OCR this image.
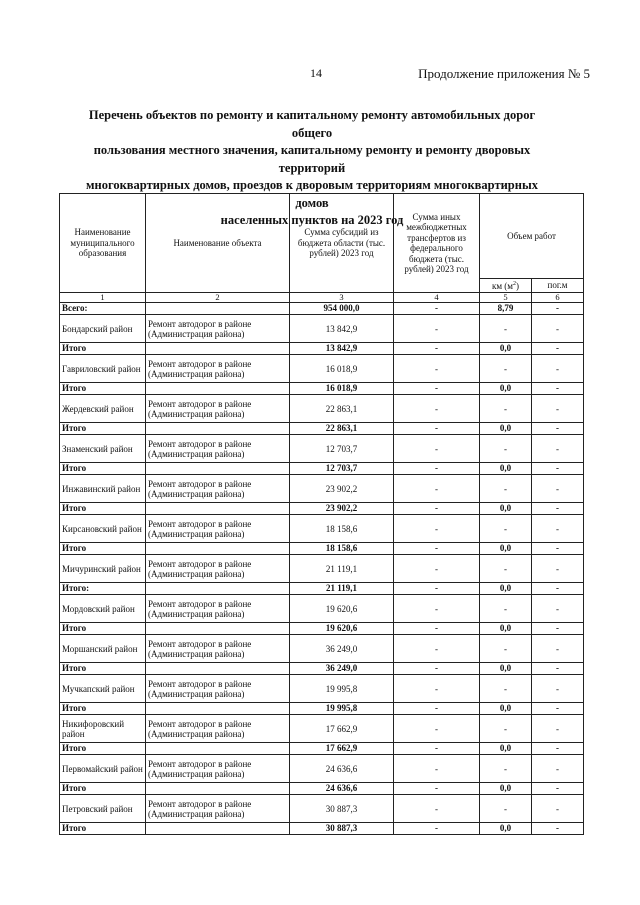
14	Продолжение приложения № 5
Перечень объектов по ремонту и капитальному ремонту автомобильных дорог общего
пользования местного значения, капитальному ремонту и ремонту дворовых территорий
многоквартирных домов, проездов к дворовым территориям многоквартирных домов
населенных пунктов на 2023 год
Наименование муниципального образования	Наименование объекта	Сумма субсидий из бюджета области (тыс. рублей) 2023 год	Сумма иных межбюджетных трансфертов из федерального бюджета (тыс. рублей) 2023 год	Объем работ	
				км $(м^2)$	пог.м
1	2	3	4	5	6
Всего:		954 000,0	-	8,79	-
Бондарский район	Ремонт автодорог в районе (Администрация района)	13 842,9	-	-	-
Итого		13 842,9	-	0,0	-
Гавриловский район	Ремонт автодорог в районе (Администрация района)	16 018,9	-	-	-
Итого		16 018,9	-	0,0	-
Жердевский район	Ремонт автодорог в районе (Администрация района)	22 863,1	-	-	-
Итого		22 863,1	-	0,0	-
Знаменский район	Ремонт автодорог в районе (Администрация района)	12 703,7	-	-	-
Итого		12 703,7	-	0,0	-
Инжавинский район	Ремонт автодорог в районе (Администрация района)	23 902,2	-	-	-
Итого		23 902,2	-	0,0	-
Кирсановский район	Ремонт автодорог в районе (Администрация района)	18 158,6	-	-	-
Итого		18 158,6	-	0,0	-
Мичуринский район	Ремонт автодорог в районе (Администрация района)	21 119,1	-	-	-
Итого:		21 119,1	-	0,0	-
Мордовский район	Ремонт автодорог в районе (Администрация района)	19 620,6	-	-	-
Итого		19 620,6	-	0,0	-
Моршанский район	Ремонт автодорог в районе (Администрация района)	36 249,0	-	-	-
Итого		36 249,0	-	0,0	-
Мучкапский район	Ремонт автодорог в районе (Администрация района)	19 995,8	-	-	-
Итого		19 995,8	-	0,0	-
Никифоровский район	Ремонт автодорог в районе (Администрация района)	17 662,9	-	-	-
Итого		17 662,9	-	0,0	-
Первомайский район	Ремонт автодорог в районе (Администрация района)	24 636,6	-	-	-
Итого		24 636,6	-	0,0	-
Петровский район	Ремонт автодорог в районе (Администрация района)	30 887,3	-	-	-
Итого		30 887,3	-	0,0	-
